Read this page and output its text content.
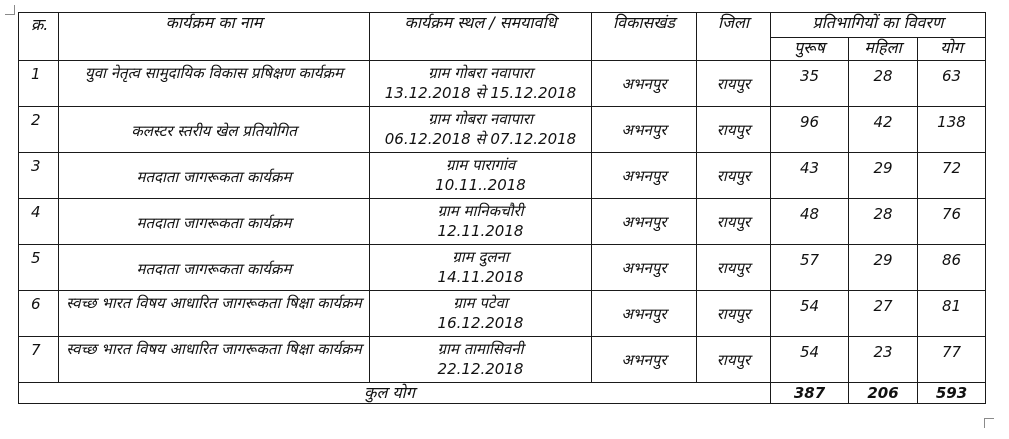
क्र.	कार्यक्रम का नाम	कार्यक्रम स्थल / समयावधि	विकासखंड	जिला	प्रतिभागियों का विवरण		
					पुरूष	महिला	योग
1	युवा नेतृत्व सामुदायिक विकास प्रषिक्षण कार्यक्रम	ग्राम गोबरा नवापारा
13.12.2018 से 15.12.2018	अभनपुर	रायपुर	35	28	63
2	कलस्टर स्तरीय खेल प्रतियोगित	ग्राम गोबरा नवापारा
06.12.2018 से 07.12.2018	अभनपुर	रायपुर	96	42	138
3	मतदाता जागरूकता कार्यक्रम	ग्राम पारागांव
10.11..2018	अभनपुर	रायपुर	43	29	72
4	मतदाता जागरूकता कार्यक्रम	ग्राम मानिकचौरी
12.11.2018	अभनपुर	रायपुर	48	28	76
5	मतदाता जागरूकता कार्यक्रम	ग्राम दुलना
14.11.2018	अभनपुर	रायपुर	57	29	86
6	स्वच्छ भारत विषय आधारित जागरूकता षिक्षा कार्यक्रम	ग्राम पटेवा
16.12.2018	अभनपुर	रायपुर	54	27	81
7	स्वच्छ भारत विषय आधारित जागरूकता षिक्षा कार्यक्रम	ग्राम तामासिवनी
22.12.2018	अभनपुर	रायपुर	54	23	77
कुल योग					387	206	593
